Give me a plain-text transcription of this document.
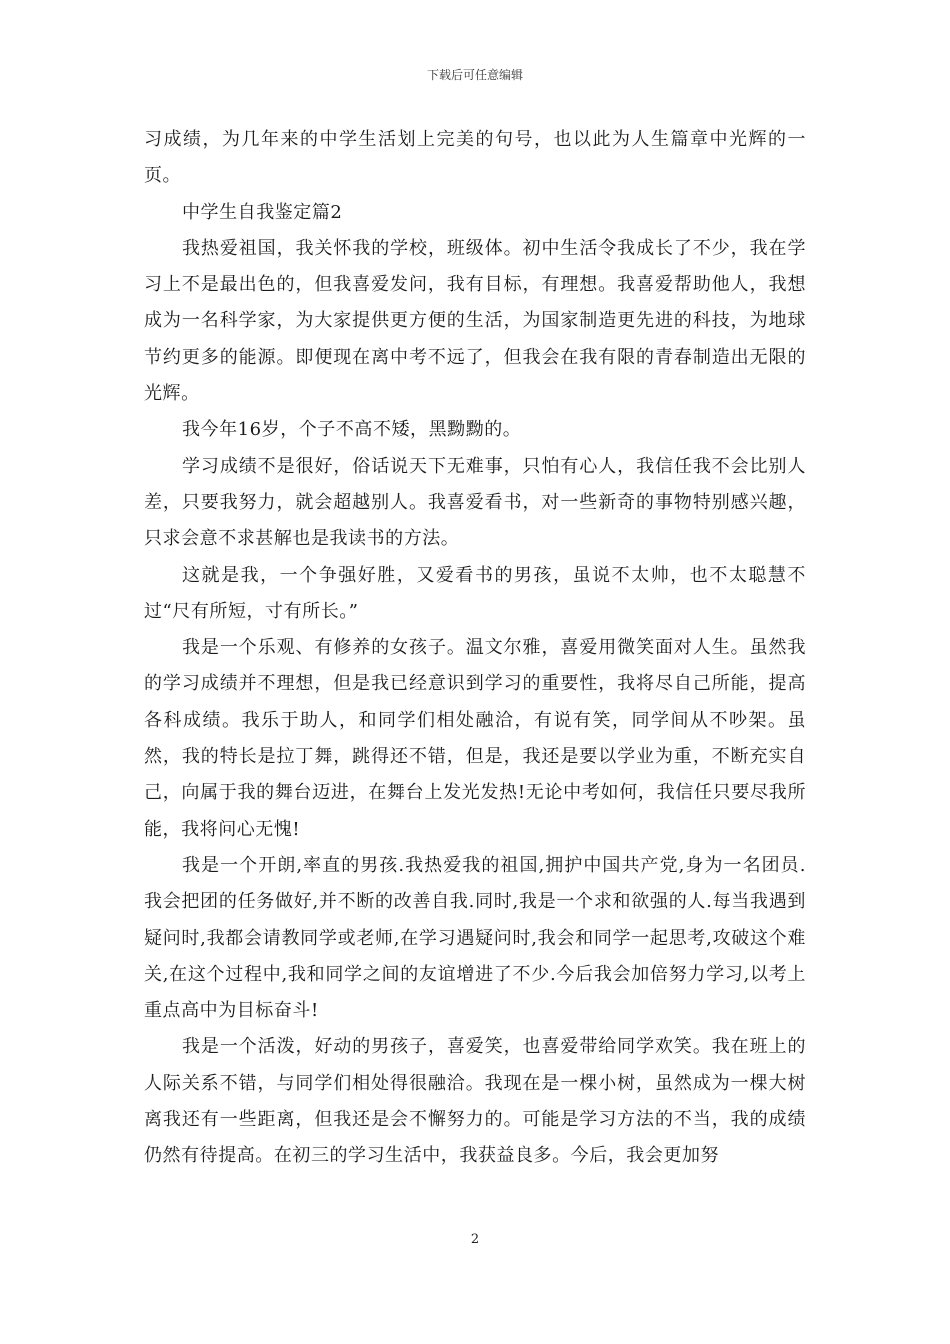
下载后可任意编辑

习成绩，为几年来的中学生活划上完美的句号，也以此为人生篇章中光辉的一页。

中学生自我鉴定篇2

我热爱祖国，我关怀我的学校，班级体。初中生活令我成长了不少，我在学习上不是最出色的，但我喜爱发问，我有目标，有理想。我喜爱帮助他人，我想成为一名科学家，为大家提供更方便的生活，为国家制造更先进的科技，为地球节约更多的能源。即便现在离中考不远了，但我会在我有限的青春制造出无限的光辉。

我今年16岁，个子不高不矮，黑黝黝的。

学习成绩不是很好，俗话说天下无难事，只怕有心人，我信任我不会比别人差，只要我努力，就会超越别人。我喜爱看书，对一些新奇的事物特别感兴趣，只求会意不求甚解也是我读书的方法。

这就是我，一个争强好胜，又爱看书的男孩，虽说不太帅，也不太聪慧不过“尺有所短，寸有所长。”

我是一个乐观、有修养的女孩子。温文尔雅，喜爱用微笑面对人生。虽然我的学习成绩并不理想，但是我已经意识到学习的重要性，我将尽自己所能，提高各科成绩。我乐于助人，和同学们相处融洽，有说有笑，同学间从不吵架。虽然，我的特长是拉丁舞，跳得还不错，但是，我还是要以学业为重，不断充实自己，向属于我的舞台迈进，在舞台上发光发热!无论中考如何，我信任只要尽我所能，我将问心无愧!

我是一个开朗,率直的男孩.我热爱我的祖国,拥护中国共产党,身为一名团员.我会把团的任务做好,并不断的改善自我.同时,我是一个求和欲强的人.每当我遇到疑问时,我都会请教同学或老师,在学习遇疑问时,我会和同学一起思考,攻破这个难关,在这个过程中,我和同学之间的友谊增进了不少.今后我会加倍努力学习,以考上重点高中为目标奋斗!

我是一个活泼，好动的男孩子，喜爱笑，也喜爱带给同学欢笑。我在班上的人际关系不错，与同学们相处得很融洽。我现在是一棵小树，虽然成为一棵大树离我还有一些距离，但我还是会不懈努力的。可能是学习方法的不当，我的成绩仍然有待提高。在初三的学习生活中，我获益良多。今后，我会更加努

2
